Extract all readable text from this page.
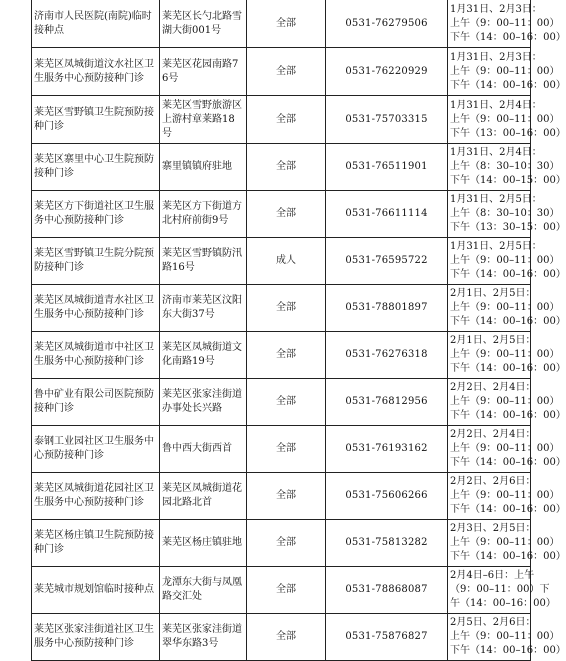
济南市人民医院(南院)临时接种点	莱芜区长勺北路雪湖大街001号	全部	0531-76279506	1月31日、2月3日：
上午（9：00–11：00）
下午（14：00–16：00）

莱芜区凤城街道汶水社区卫生服务中心预防接种门诊	莱芜区花园南路76号	全部	0531-76220929	1月31日、2月3日：
上午（9：00–11：00）
下午（14：00–16：00）

莱芜区雪野镇卫生院预防接种门诊	莱芜区雪野旅游区上游村章莱路18号	全部	0531-75703315	1月31日、2月4日：
上午（9：00–11：00）
下午（13：00–16：00）

莱芜区寨里中心卫生院预防接种门诊	寨里镇镇府驻地	全部	0531-76511901	1月31日、2月4日：
上午（8：30–10：30）
下午（14：00–15：00）

莱芜区方下街道社区卫生服务中心预防接种门诊	莱芜区方下街道方北村府前街9号	全部	0531-76611114	1月31日、2月5日：
上午（8：30–10：30）
下午（13：30–15：00）

莱芜区雪野镇卫生院分院预防接种门诊	莱芜区雪野镇防汛路16号	成人	0531-76595722	1月31日、2月5日：
上午（9：00–11：00）
下午（14：00–16：00）

莱芜区凤城街道青水社区卫生服务中心预防接种门诊	济南市莱芜区汶阳东大街37号	全部	0531-78801897	2月1日、2月5日：
上午（9：00–11：00）
下午（14：00–16：00）

莱芜区凤城街道市中社区卫生服务中心预防接种门诊	莱芜区凤城街道文化南路19号	全部	0531-76276318	2月1日、2月5日：
上午（9：00–11：00）
下午（14：00–16：00）

鲁中矿业有限公司医院预防接种门诊	莱芜区张家洼街道办事处长兴路	全部	0531-76812956	2月2日、2月4日：
上午（9：00–11：00）
下午（14：00–16：00）

泰钢工业园社区卫生服务中心预防接种门诊	鲁中西大街西首	全部	0531-76193162	2月2日、2月4日：
上午（9：00–11：00）
下午（14：00–16：00）

莱芜区凤城街道花园社区卫生服务中心预防接种门诊	莱芜区凤城街道花园北路北首	全部	0531-75606266	2月2日、2月6日：
上午（9：00–11：00）
下午（14：00–16：00）

莱芜区杨庄镇卫生院预防接种门诊	莱芜区杨庄镇驻地	全部	0531-75813282	2月3日、2月5日：
上午（9：00–11：00）
下午（14：00–16：00）

莱芜城市规划馆临时接种点	龙潭东大街与凤凰路交汇处	全部	0531-78868087	2月4日–6日：上午
（9：00–11：00）下
午（14：00–16：00）

莱芜区张家洼街道社区卫生服务中心预防接种门诊	莱芜区张家洼街道翠华东路3号	全部	0531-75876827	2月5日、2月6日：
上午（9：00–11：00）
下午（14：00–16：00）
